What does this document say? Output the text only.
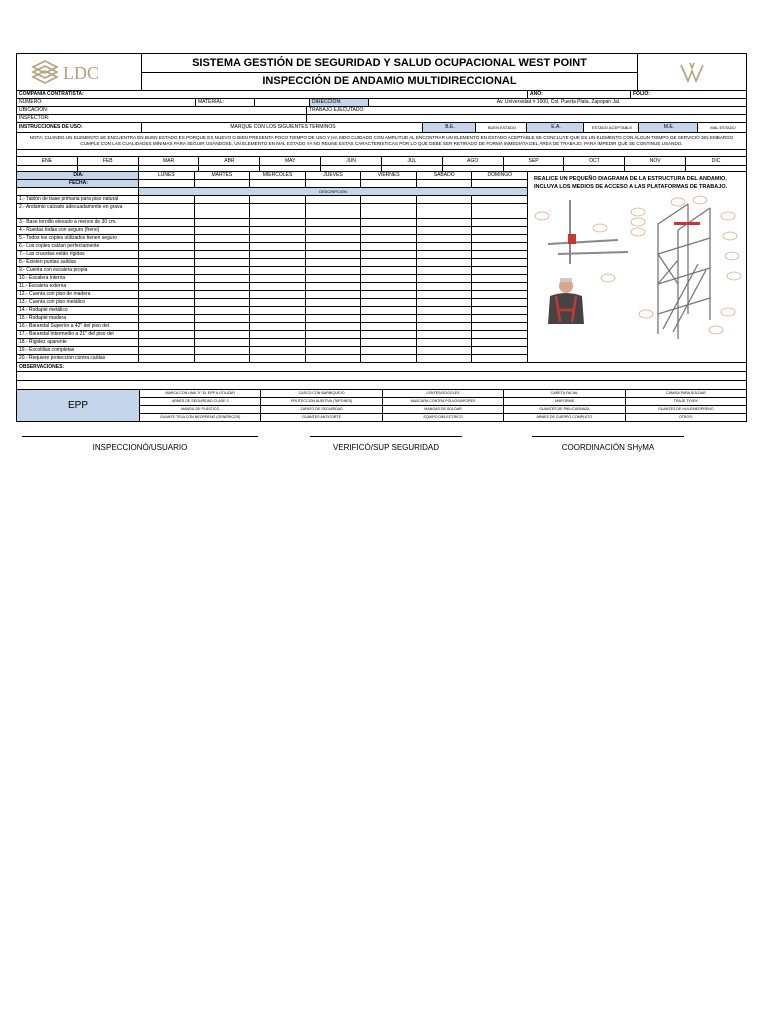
LDC
SISTEMA GESTIÓN DE SEGURIDAD Y SALUD OCUPACIONAL WEST POINT
INSPECCIÓN DE ANDAMIO MULTIDIRECCIONAL
COMPAÑIA CONTRATISTA:	AÑO:	FOLIO:
NUMERO:	MATERIAL:	DIRECCION:	Av. Universidad # 1000, Col. Puerta Plata, Zapopan Jal.
UBICACIÓN:	TRABAJO EJECUTADO:
INSPECTOR:
INSTRUCCIONES DE USO:	MARQUE CON LOS SIGUIENTES TERMINOS	B.E.	BUEN ESTADO	E.A.	ESTADO ACEPTABLE	M.E.	MAL ESTADO
NOTA: CUANDO UN ELEMENTO SE ENCUENTRA EN BUEN ESTADO ES PORQUE ES NUEVO O BIEN PRESENTA POCO TIEMPO DE USO Y HA SIDO CUIDADO CON AMPLITUD AL ENCONTRAR UN ELEMENTO EN ESTADO ACEPTABLE SE CONCLUYE QUE ES UN ELEMENTO CON ALGUN TIEMPO DE SERVICIO SIN EMBARGO CUMPLE CON LAS CUALIDADES MÍNIMAS PARA SEGUIR USANDOSE, UN ELEMENTO EN MAL ESTADO YA NO REUNE ESTAS CARACTERÍSTICAS POR LO QUE DEBE SER RETIRADO DE FORMA INMEDIATA DEL ÁREA DE TRABAJO, PARA IMPEDIR QUE SE CONTINUE USANDO.
ENE	FEB	MAR	ABR	MAY	JUN	JUL	AGO	SEP	OCT	NOV	DIC
DIA:	LUNES	MARTES	MIERCOLES	JUEVES	VIERNES	SÁBADO	DOMINGO
FECHA:
DESCRIPCIÓN
1.- Tablón de base primaria para piso natural
2.- Andamio calzado adecuadamente en grava
3.- Base tornillo elevado a menos de 30 cm.
4.- Ruedas todas con seguro (freno)
5.- Todos los coples utilizados tienen seguro
6.- Los coples calzan perfectamente
7.- Las crucetas están rígidas
8.- Existen puntas salidas
9.- Cuenta con escalera propia
10.- Escalera interna
11.- Escalera externa
12.- Cuenta con piso de madera
13.- Cuenta con piso metálico
14.- Rodapié metálico
15.- Rodapié madera
16.- Barandal Superior a 42" del piso del
17.- Barandal Intermedio a 21" del piso del
18.- Rigidez aparente
19.- Escotillas completas
20.- Requiere protección contra caídas
REALICE UN PEQUEÑO DIAGRAMA DE LA ESTRUCTURA DEL ANDAMIO, INCLUYA LOS MEDIOS DE ACCESO A LAS PLATAFORMAS DE TRABAJO.
OBSERVACIONES:
EPP
MARCA CON UNA "X" EL EPP A UTILIZAR	CASCO CON BARBIQUEJO	LENTES/GOGGLES	CARETA FACIAL	CAMISA PARA SOLDAR
ARNES DE SEGURIDAD CLASE 3	PROTECCION AUDITIVA (TAPONES)	MASCARA CONTRA POLVO/VAPORES	UNIFORME	TRAJE TYVEK
MANDIL DE PLÁSTICO	ZAPATO DE SEGURIDAD	MANGAS DE SOLDAR	GUANTES DE PIEL/CARNAZA	GUANTES DE HULE/NEOPRENO
GUANTE TELA CON NEOPRENO (GENÉRICOS)	GUANTES ANTICORTE	EQUIPO DIELECTRICO	ARNES DE CUERPO COMPLETO	OTROS:
INSPECCIONÓ/USUARIO	VERIFICÓ/SUP SEGURIDAD	COORDINACIÓN SHyMA
